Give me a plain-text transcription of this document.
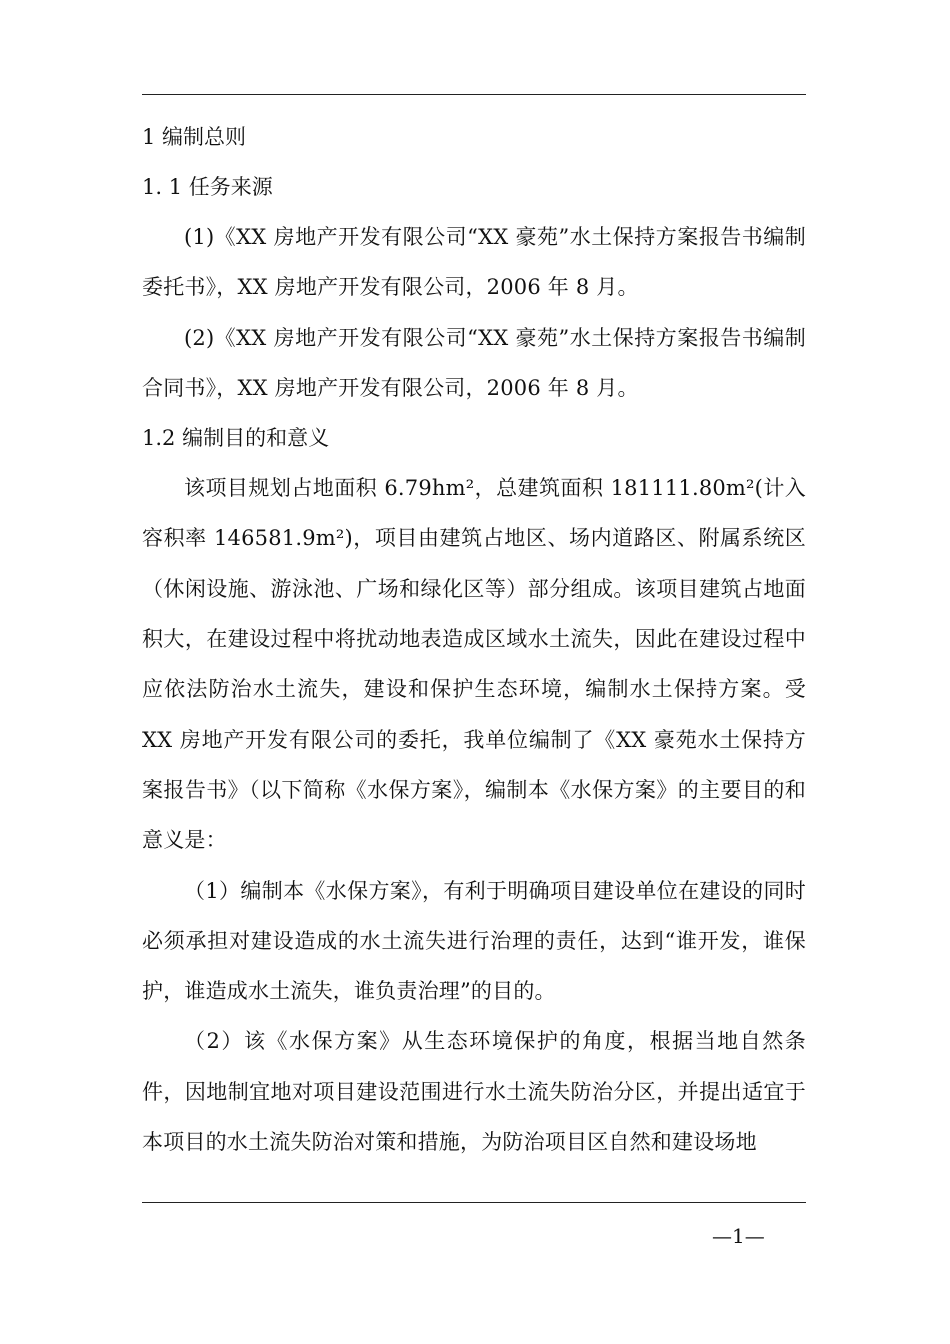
1 编制总则
1. 1 任务来源

(1)《XX 房地产开发有限公司“XX 豪苑”水土保持方案报告书编制委托书》，XX 房地产开发有限公司，2006 年 8 月。

(2)《XX 房地产开发有限公司“XX 豪苑”水土保持方案报告书编制合同书》，XX 房地产开发有限公司，2006 年 8 月。

1.2 编制目的和意义

该项目规划占地面积 6.79hm²，总建筑面积 181111.80m²(计入容积率 146581.9m²)，项目由建筑占地区、场内道路区、附属系统区（休闲设施、游泳池、广场和绿化区等）部分组成。该项目建筑占地面积大，在建设过程中将扰动地表造成区域水土流失，因此在建设过程中应依法防治水土流失，建设和保护生态环境，编制水土保持方案。受 XX 房地产开发有限公司的委托，我单位编制了《XX 豪苑水土保持方案报告书》（以下简称《水保方案》，编制本《水保方案》的主要目的和意义是：

（1）编制本《水保方案》，有利于明确项目建设单位在建设的同时必须承担对建设造成的水土流失进行治理的责任，达到“谁开发，谁保护，谁造成水土流失，谁负责治理”的目的。

（2）该《水保方案》从生态环境保护的角度，根据当地自然条件，因地制宜地对项目建设范围进行水土流失防治分区，并提出适宜于本项目的水土流失防治对策和措施，为防治项目区自然和建设场地

—1—
